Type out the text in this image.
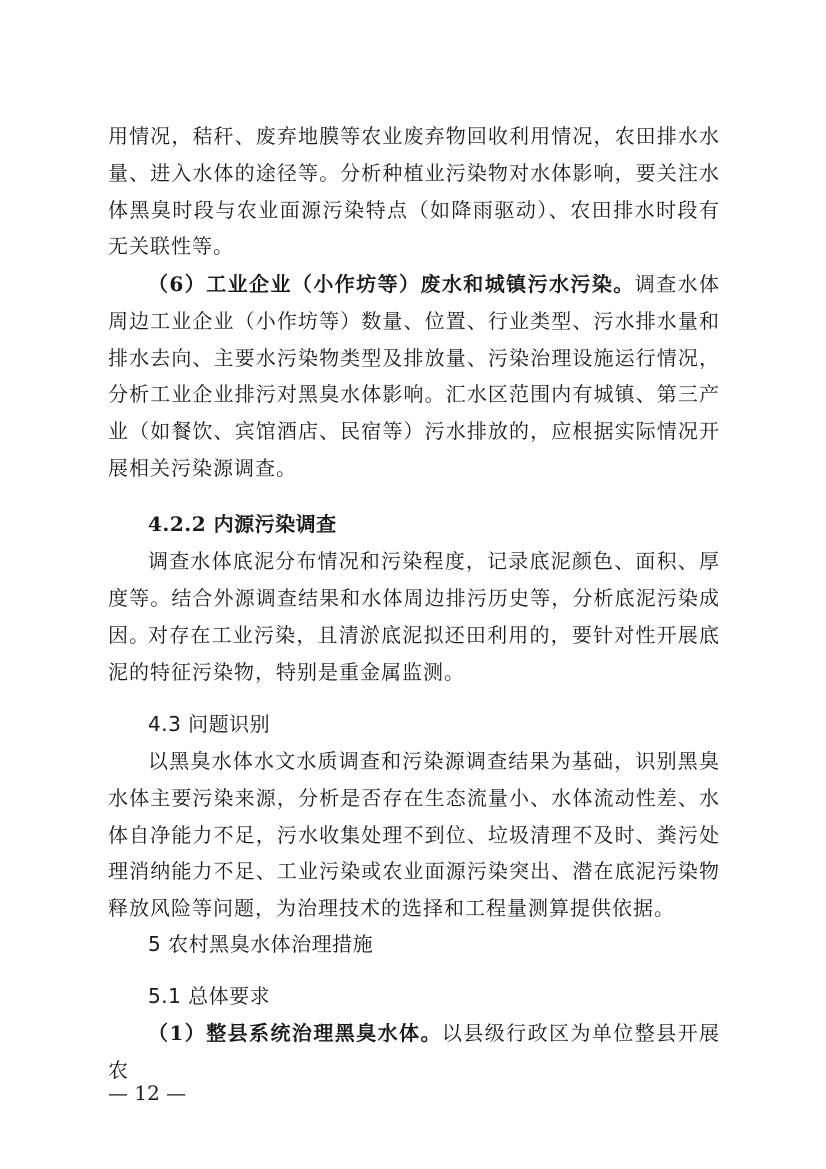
用情况，秸秆、废弃地膜等农业废弃物回收利用情况，农田排水水量、进入水体的途径等。分析种植业污染物对水体影响，要关注水体黑臭时段与农业面源污染特点（如降雨驱动）、农田排水时段有无关联性等。

（6）工业企业（小作坊等）废水和城镇污水污染。调查水体周边工业企业（小作坊等）数量、位置、行业类型、污水排水量和排水去向、主要水污染物类型及排放量、污染治理设施运行情况，分析工业企业排污对黑臭水体影响。汇水区范围内有城镇、第三产业（如餐饮、宾馆酒店、民宿等）污水排放的，应根据实际情况开展相关污染源调查。

4.2.2 内源污染调查

调查水体底泥分布情况和污染程度，记录底泥颜色、面积、厚度等。结合外源调查结果和水体周边排污历史等，分析底泥污染成因。

对存在工业污染，且清淤底泥拟还田利用的，要针对性开展底泥的特征污染物，特别是重金属监测。

4.3 问题识别

以黑臭水体水文水质调查和污染源调查结果为基础，识别黑臭水体主要污染来源，分析是否存在生态流量小、水体流动性差、水体自净能力不足，污水收集处理不到位、垃圾清理不及时、粪污处理消纳能力不足、工业污染或农业面源污染突出、潜在底泥污染物释放风险等问题，为治理技术的选择和工程量测算提供依据。

5 农村黑臭水体治理措施
5.1 总体要求

（1）整县系统治理黑臭水体。以县级行政区为单位整县开展农

— 12 —
